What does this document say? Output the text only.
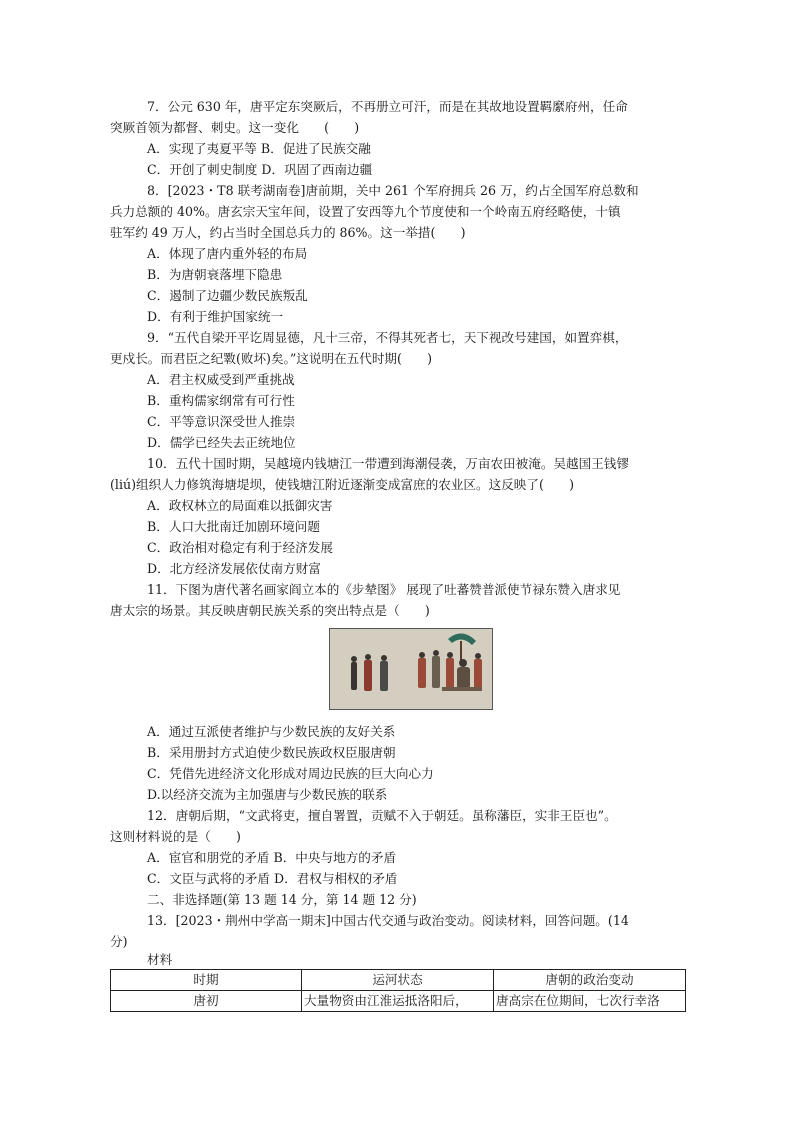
7．公元 630 年，唐平定东突厥后，不再册立可汗，而是在其故地设置羁縻府州，任命
突厥首领为都督、刺史。这一变化　　(　　)
A．实现了夷夏平等 B．促进了民族交融
C．开创了刺史制度 D．巩固了西南边疆
8．[2023・T8 联考湖南卷]唐前期，关中 261 个军府拥兵 26 万，约占全国军府总数和
兵力总额的 40%。唐玄宗天宝年间，设置了安西等九个节度使和一个岭南五府经略使，十镇
驻军约 49 万人，约占当时全国总兵力的 86%。这一举措(　　)
A．体现了唐内重外轻的布局
B．为唐朝衰落埋下隐患
C．遏制了边疆少数民族叛乱
D．有利于维护国家统一
9．“五代自梁开平讫周显德，凡十三帝，不得其死者七，天下视改号建国，如置弈棋，
更戍长。而君臣之纪斁(败坏)矣。”这说明在五代时期(　　)
A．君主权威受到严重挑战
B．重构儒家纲常有可行性
C．平等意识深受世人推崇
D．儒学已经失去正统地位
10．五代十国时期，吴越境内钱塘江一带遭到海潮侵袭，万亩农田被淹。吴越国王钱镠
(liú)组织人力修筑海塘堤坝，使钱塘江附近逐渐变成富庶的农业区。这反映了(　　)
A．政权林立的局面难以抵御灾害
B．人口大批南迁加剧环境问题
C．政治相对稳定有利于经济发展
D．北方经济发展依仗南方财富
11．下图为唐代著名画家阎立本的《步辇图》 展现了吐蕃赞普派使节禄东赞入唐求见
唐太宗的场景。其反映唐朝民族关系的突出特点是（　　)
A．通过互派使者维护与少数民族的友好关系
B．采用册封方式迫使少数民族政权臣服唐朝
C．凭借先进经济文化形成对周边民族的巨大向心力
D.以经济交流为主加强唐与少数民族的联系
12．唐朝后期，“文武将吏，擅自署置，贡赋不入于朝廷。虽称藩臣，实非王臣也”。
这则材料说的是（　　)
A．宦官和朋党的矛盾 B．中央与地方的矛盾
C．文臣与武将的矛盾 D．君权与相权的矛盾
二、非选择题(第 13 题 14 分，第 14 题 12 分)
13．[2023・荆州中学高一期末]中国古代交通与政治变动。阅读材料，回答问题。(14
分)
材料
时期	运河状态	唐朝的政治变动
唐初	大量物资由江淮运抵洛阳后，	唐高宗在位期间，七次行幸洛
